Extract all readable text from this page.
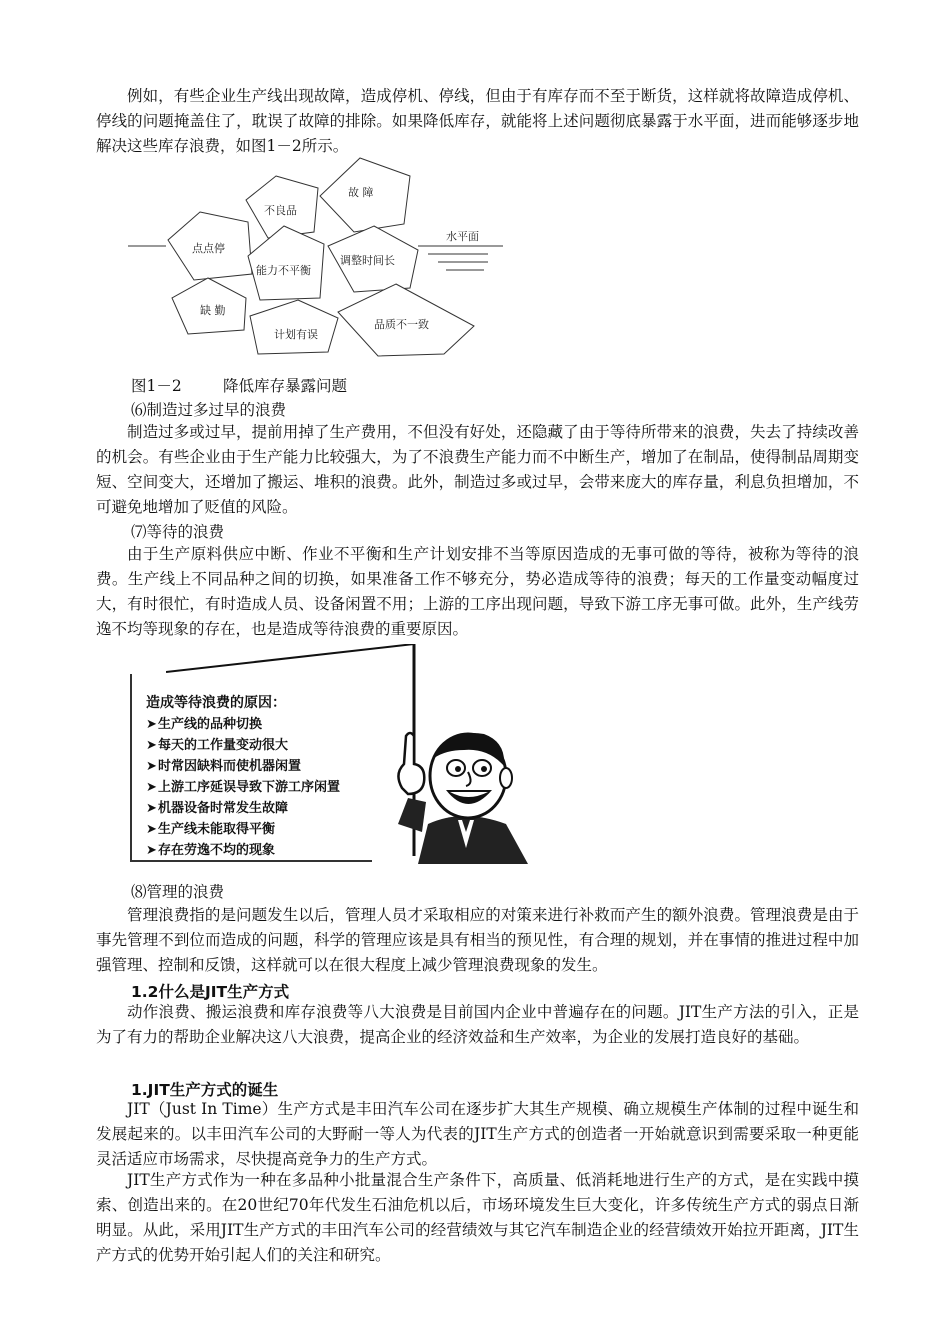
例如，有些企业生产线出现故障，造成停机、停线，但由于有库存而不至于断货，这样就将故障造成停机、停线的问题掩盖住了，耽误了故障的排除。如果降低库存，就能将上述问题彻底暴露于水平面，进而能够逐步地解决这些库存浪费，如图1－2所示。

故 障
不良品
水平面
点点停
能力不平衡
调整时间长
缺 勤
计划有误
品质不一致
图1－2	降低库存暴露问题

⑹制造过多过早的浪费

制造过多或过早，提前用掉了生产费用，不但没有好处，还隐藏了由于等待所带来的浪费，失去了持续改善的机会。有些企业由于生产能力比较强大，为了不浪费生产能力而不中断生产，增加了在制品，使得制品周期变短、空间变大，还增加了搬运、堆积的浪费。此外，制造过多或过早，会带来庞大的库存量，利息负担增加，不可避免地增加了贬值的风险。

⑺等待的浪费

由于生产原料供应中断、作业不平衡和生产计划安排不当等原因造成的无事可做的等待，被称为等待的浪费。生产线上不同品种之间的切换，如果准备工作不够充分，势必造成等待的浪费；每天的工作量变动幅度过大，有时很忙，有时造成人员、设备闲置不用；上游的工序出现问题，导致下游工序无事可做。此外，生产线劳逸不均等现象的存在，也是造成等待浪费的重要原因。

造成等待浪费的原因：
➤生产线的品种切换
➤每天的工作量变动很大
➤时常因缺料而使机器闲置
➤上游工序延误导致下游工序闲置
➤机器设备时常发生故障
➤生产线未能取得平衡
➤存在劳逸不均的现象

⑻管理的浪费

管理浪费指的是问题发生以后，管理人员才采取相应的对策来进行补救而产生的额外浪费。管理浪费是由于事先管理不到位而造成的问题，科学的管理应该是具有相当的预见性，有合理的规划，并在事情的推进过程中加强管理、控制和反馈，这样就可以在很大程度上减少管理浪费现象的发生。

1.2什么是JIT生产方式

动作浪费、搬运浪费和库存浪费等八大浪费是目前国内企业中普遍存在的问题。JIT生产方法的引入，正是为了有力的帮助企业解决这八大浪费，提高企业的经济效益和生产效率，为企业的发展打造良好的基础。

1.JIT生产方式的诞生

JIT（Just In Time）生产方式是丰田汽车公司在逐步扩大其生产规模、确立规模生产体制的过程中诞生和发展起来的。以丰田汽车公司的大野耐一等人为代表的JIT生产方式的创造者一开始就意识到需要采取一种更能灵活适应市场需求，尽快提高竞争力的生产方式。

JIT生产方式作为一种在多品种小批量混合生产条件下，高质量、低消耗地进行生产的方式，是在实践中摸索、创造出来的。在20世纪70年代发生石油危机以后，市场环境发生巨大变化，许多传统生产方式的弱点日渐明显。从此，采用JIT生产方式的丰田汽车公司的经营绩效与其它汽车制造企业的经营绩效开始拉开距离，JIT生产方式的优势开始引起人们的关注和研究。
